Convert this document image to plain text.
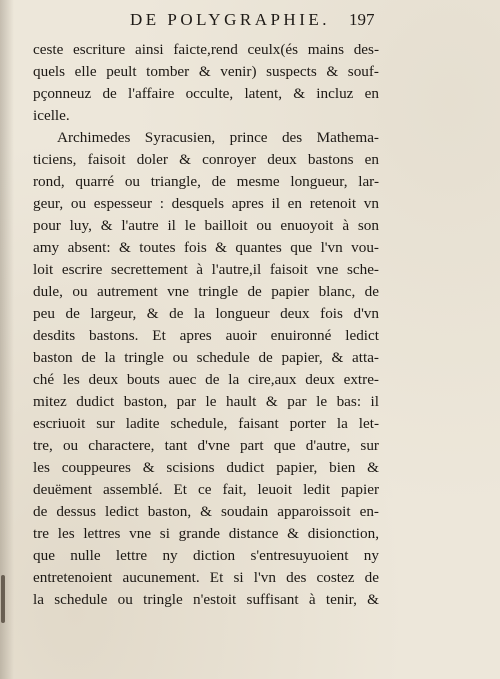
DE POLYGRAPHIE.	197
ceste escriture ainsi faicte,rend ceulx(és mains des-
quels elle peult tomber & venir) suspects & souf-
pçonneuz de l'affaire occulte, latent, & incluz en
icelle.
Archimedes Syracusien, prince des Mathema-
ticiens, faisoit doler & conroyer deux bastons en
rond, quarré ou triangle, de mesme longueur, lar-
geur, ou espesseur : desquels apres il en retenoit vn
pour luy, & l'autre il le bailloit ou enuoyoit à son
amy absent: & toutes fois & quantes que l'vn vou-
loit escrire secrettement à l'autre,il faisoit vne sche-
dule, ou autrement vne tringle de papier blanc, de
peu de largeur, & de la longueur deux fois d'vn
desdits bastons. Et apres auoir enuironné ledict
baston de la tringle ou schedule de papier, & atta-
ché les deux bouts auec de la cire,aux deux extre-
mitez dudict baston, par le hault & par le bas: il
escriuoit sur ladite schedule, faisant porter la let-
tre, ou charactere, tant d'vne part que d'autre, sur
les couppeures & scisions dudict papier, bien &
deuëment assemblé. Et ce fait, leuoit ledit papier
de dessus ledict baston, & soudain apparoissoit en-
tre les lettres vne si grande distance & disionction,
que nulle lettre ny diction s'entresuyuoient ny
entretenoient aucunement. Et si l'vn des costez de
la schedule ou tringle n'estoit suffisant à tenir, &
